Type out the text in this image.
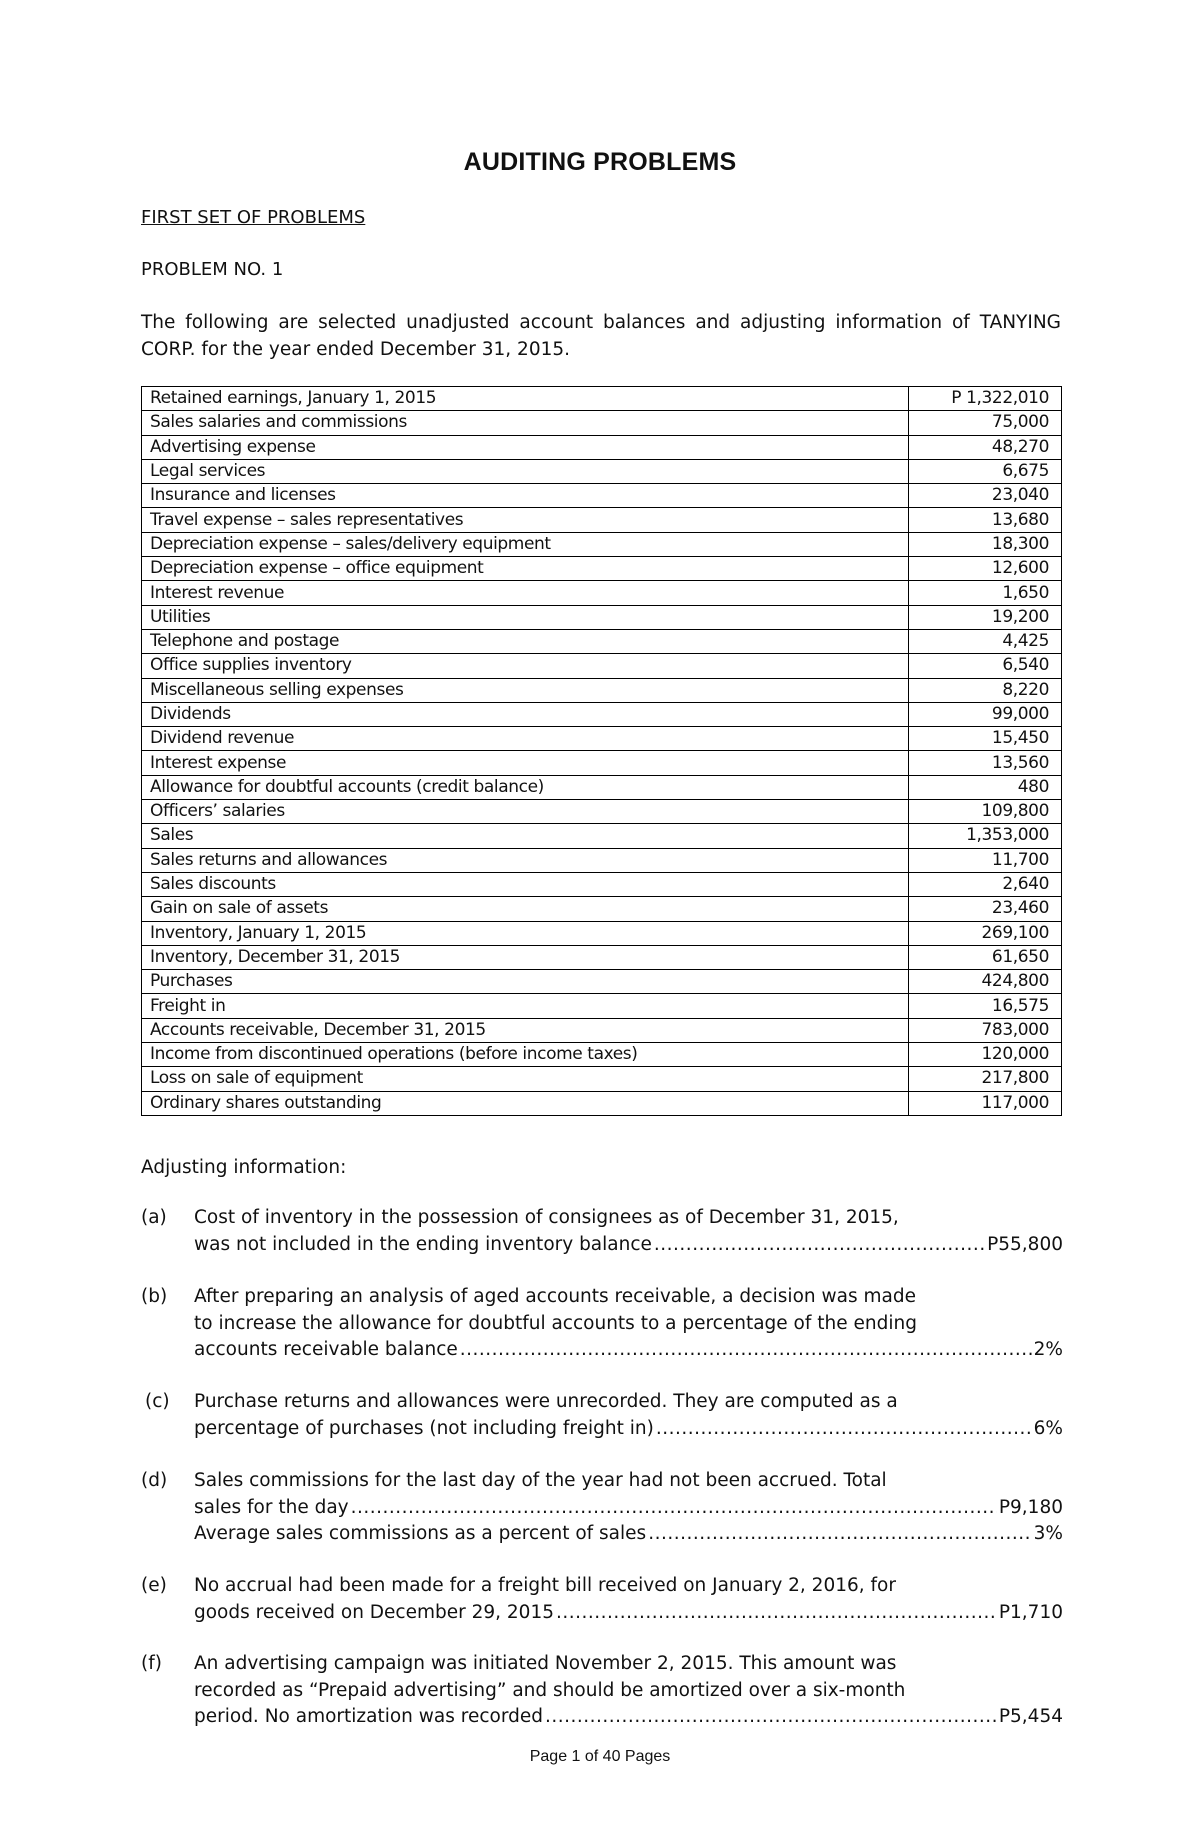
AUDITING PROBLEMS
FIRST SET OF PROBLEMS
PROBLEM NO. 1
The following are selected unadjusted account balances and adjusting information of TANYING CORP. for the year ended December 31, 2015.
Retained earnings, January 1, 2015	P 1,322,010
Sales salaries and commissions	75,000
Advertising expense	48,270
Legal services	6,675
Insurance and licenses	23,040
Travel expense – sales representatives	13,680
Depreciation expense – sales/delivery equipment	18,300
Depreciation expense – office equipment	12,600
Interest revenue	1,650
Utilities	19,200
Telephone and postage	4,425
Office supplies inventory	6,540
Miscellaneous selling expenses	8,220
Dividends	99,000
Dividend revenue	15,450
Interest expense	13,560
Allowance for doubtful accounts (credit balance)	480
Officers’ salaries	109,800
Sales	1,353,000
Sales returns and allowances	11,700
Sales discounts	2,640
Gain on sale of assets	23,460
Inventory, January 1, 2015	269,100
Inventory, December 31, 2015	61,650
Purchases	424,800
Freight in	16,575
Accounts receivable, December 31, 2015	783,000
Income from discontinued operations (before income taxes)	120,000
Loss on sale of equipment	217,800
Ordinary shares outstanding	117,000
Adjusting information:
(a) Cost of inventory in the possession of consignees as of December 31, 2015,
was not included in the ending inventory balance .....	P55,800
(b) After preparing an analysis of aged accounts receivable, a decision was made
to increase the allowance for doubtful accounts to a percentage of the ending
accounts receivable balance .....	2%
(c) Purchase returns and allowances were unrecorded. They are computed as a
percentage of purchases (not including freight in) .....	6%
(d) Sales commissions for the last day of the year had not been accrued. Total
sales for the day .....	P9,180
Average sales commissions as a percent of sales .....	3%
(e) No accrual had been made for a freight bill received on January 2, 2016, for
goods received on December 29, 2015 .....	P1,710
(f) An advertising campaign was initiated November 2, 2015. This amount was
recorded as “Prepaid advertising” and should be amortized over a six-month
period. No amortization was recorded .....	P5,454
Page 1 of 40 Pages
